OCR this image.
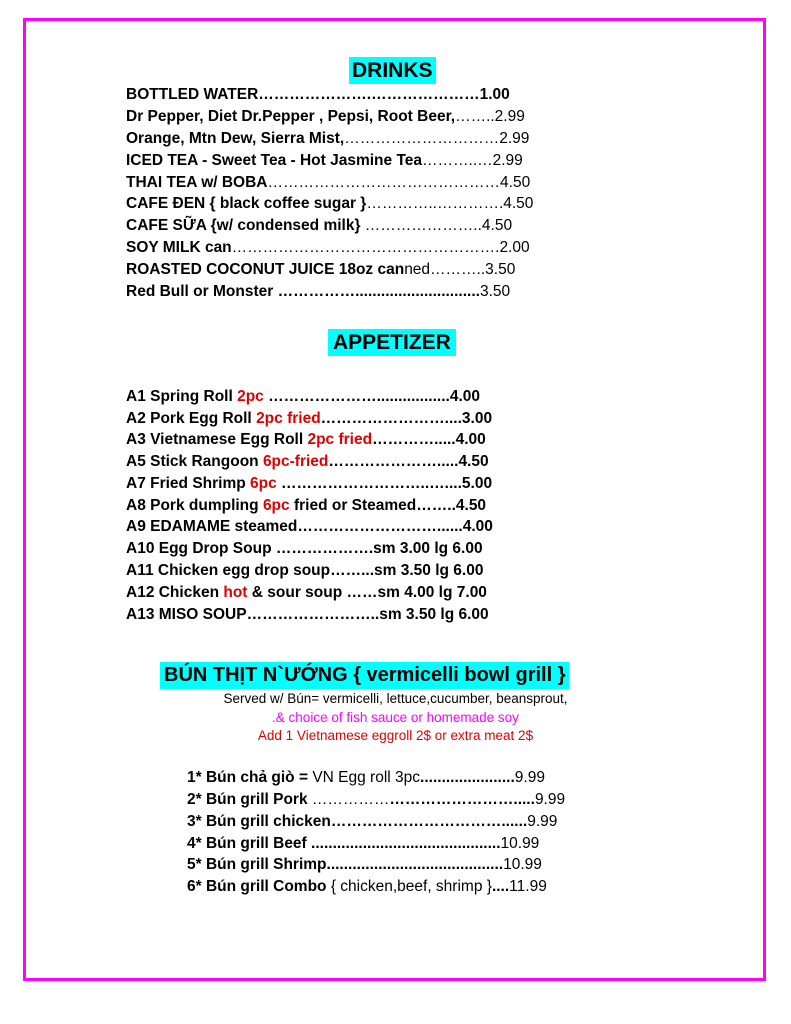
DRINKS
BOTTLED WATER………………….…………………1.00
Dr Pepper, Diet Dr.Pepper , Pepsi, Root Beer,……..2.99
Orange, Mtn Dew, Sierra Mist,…………………………2.99
ICED TEA - Sweet Tea - Hot Jasmine Tea………..…2.99
THAI TEA w/ BOBA………………………………………4.50
CAFE ĐEN { black coffee sugar }…………..………….4.50
CAFE SỮA {w/ condensed milk} …………………..4.50
SOY MILK can…………………………………………….2.00
ROASTED COCONUT JUICE 18oz canned………..3.50
Red Bull or Monster …………….............................3.50
APPETIZER
A1 Spring Roll 2pc ………………….................4.00
A2 Pork Egg Roll 2pc fried……………………....3.00
A3 Vietnamese Egg Roll 2pc fried………….....4.00
A5 Stick Rangoon 6pc-fried………………….....4.50
A7 Fried Shrimp 6pc ………………………..…....5.00
A8 Pork dumpling 6pc fried or Steamed……..4.50
A9 EDAMAME steamed………………………......4.00
A10 Egg Drop Soup ……………….sm 3.00 lg 6.00
A11 Chicken egg drop soup……...sm 3.50 lg 6.00
A12 Chicken hot & sour soup ……sm 4.00 lg 7.00
A13 MISO SOUP……………………..sm 3.50 lg 6.00
BÚN THỊT N`ƯỚNG { vermicelli bowl grill }
Served w/ Bún= vermicelli, lettuce,cucumber, beansprout,
.& choice of fish sauce or homemade soy
Add 1 Vietnamese eggroll 2$ or extra meat 2$
1* Bún chả giò = VN Egg roll 3pc......................9.99
2* Bún grill Pork ………………………………….....9.99
3* Bún grill chicken……………………………......9.99
4* Bún grill Beef ............................................10.99
5* Bún grill Shrimp.........................................10.99
6* Bún grill Combo { chicken,beef, shrimp }....11.99
